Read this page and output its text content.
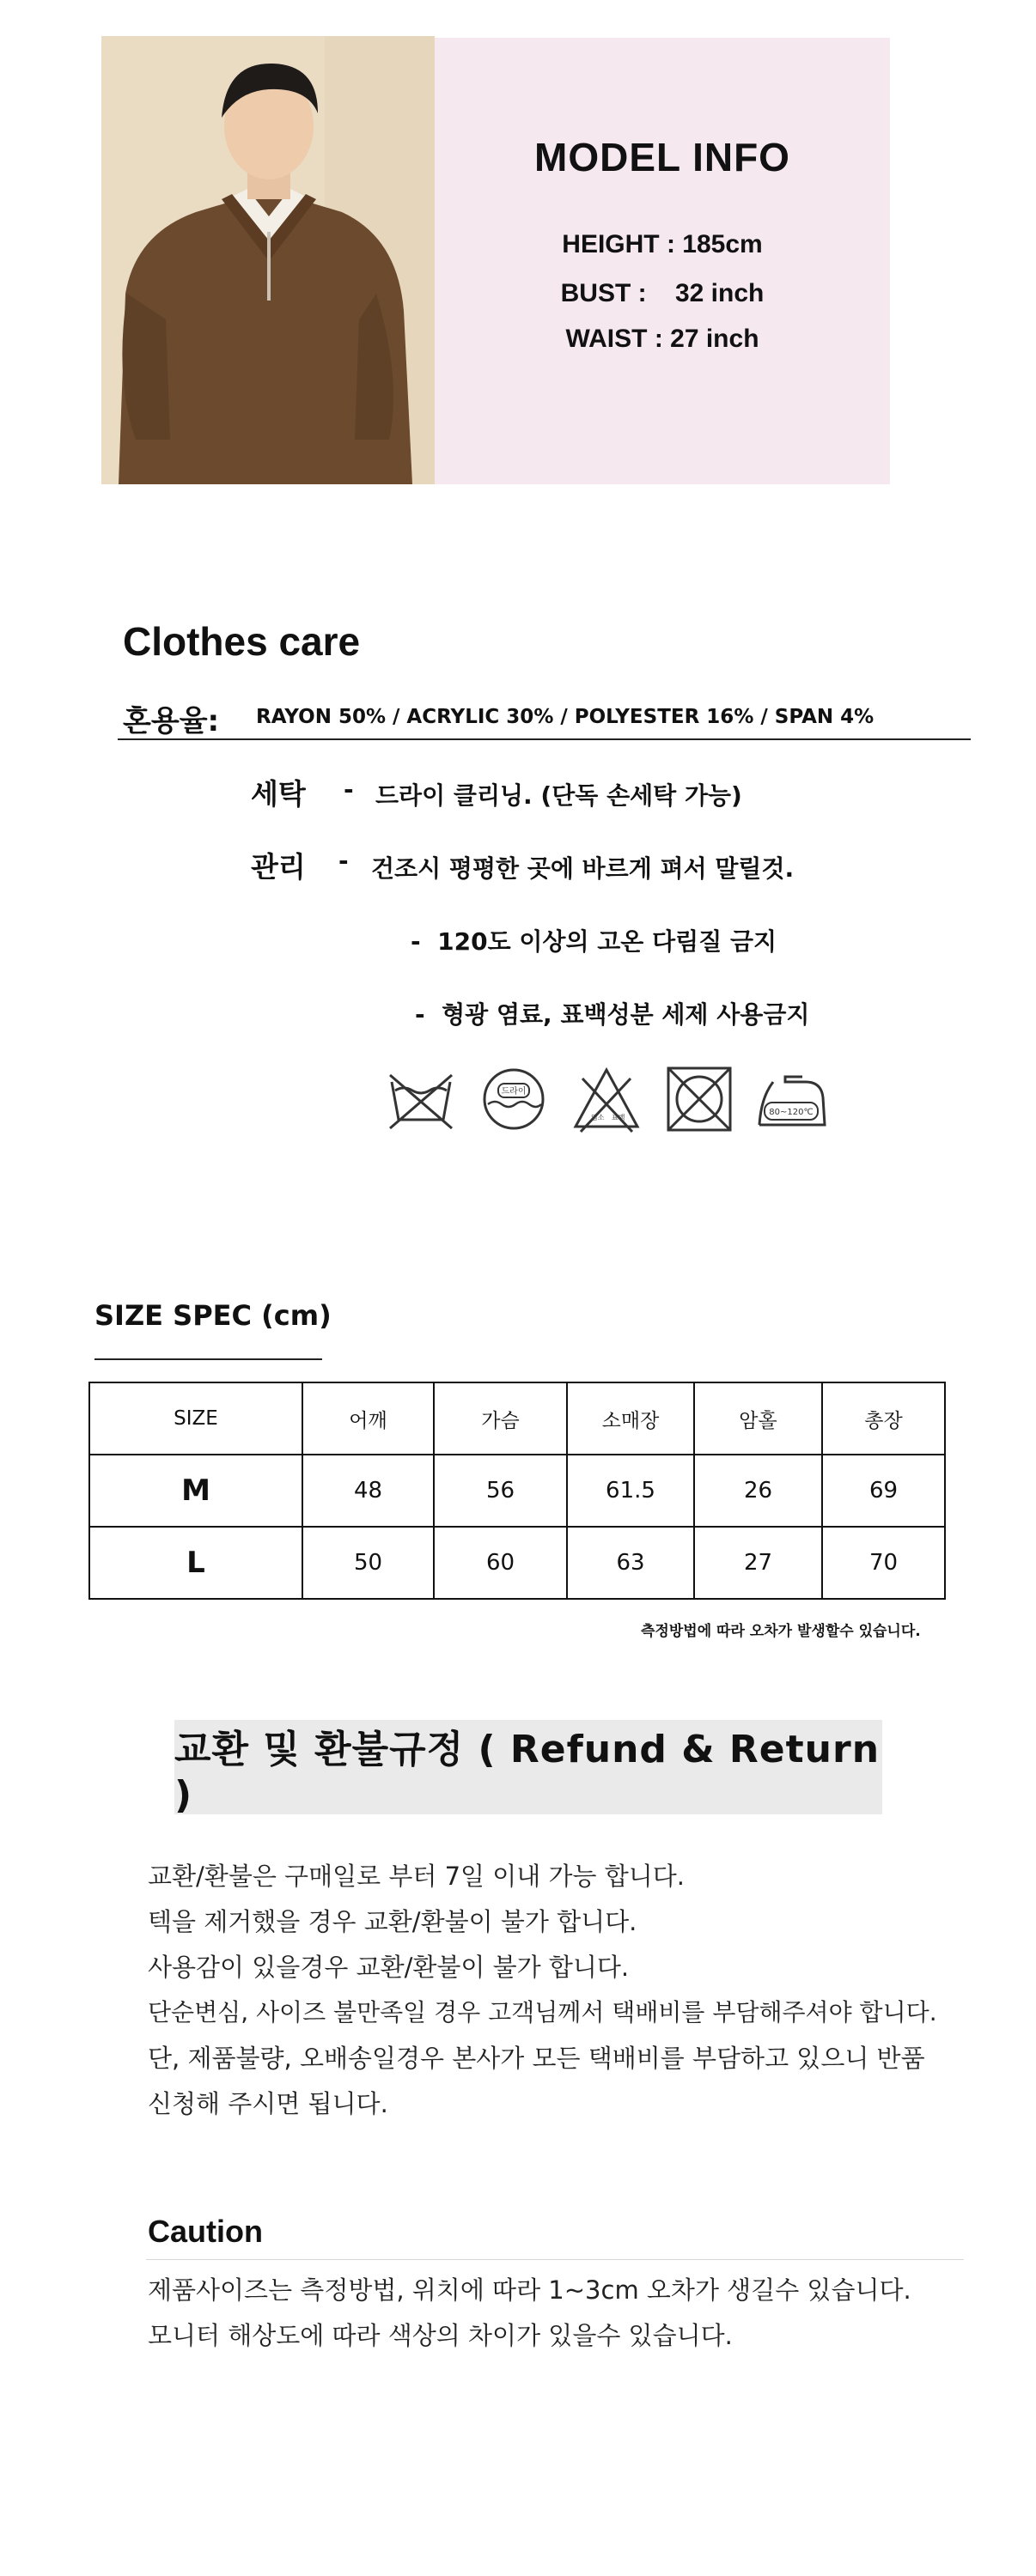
MODEL INFO
HEIGHT : 185cm
BUST :    32 inch
WAIST : 27 inch
Clothes care
혼용율: RAYON 50% / ACRYLIC 30% / POLYESTER 16% / SPAN 4%
세탁 - 드라이 클리닝. (단독 손세탁 가능)
관리 - 건조시 평평한 곳에 바르게 펴서 말릴것.
-  120도 이상의 고온 다림질 금지
-  형광 염료, 표백성분 세제 사용금지
드라이
염소 표백
80~120℃
SIZE SPEC (cm)
SIZE	어깨	가슴	소매장	암홀	총장
M	48	56	61.5	26	69
L	50	60	63	27	70
측정방법에 따라 오차가 발생할수 있습니다.
교환 및 환불규정 ( Refund & Return )
교환/환불은 구매일로 부터 7일 이내 가능 합니다.
텍을 제거했을 경우 교환/환불이 불가 합니다.
사용감이 있을경우 교환/환불이 불가 합니다.
단순변심, 사이즈 불만족일 경우 고객님께서 택배비를 부담해주셔야 합니다.
단, 제품불량, 오배송일경우 본사가 모든 택배비를 부담하고 있으니 반품
신청해 주시면 됩니다.
Caution
제품사이즈는 측정방법, 위치에 따라 1~3cm 오차가 생길수 있습니다.
모니터 해상도에 따라 색상의 차이가 있을수 있습니다.
